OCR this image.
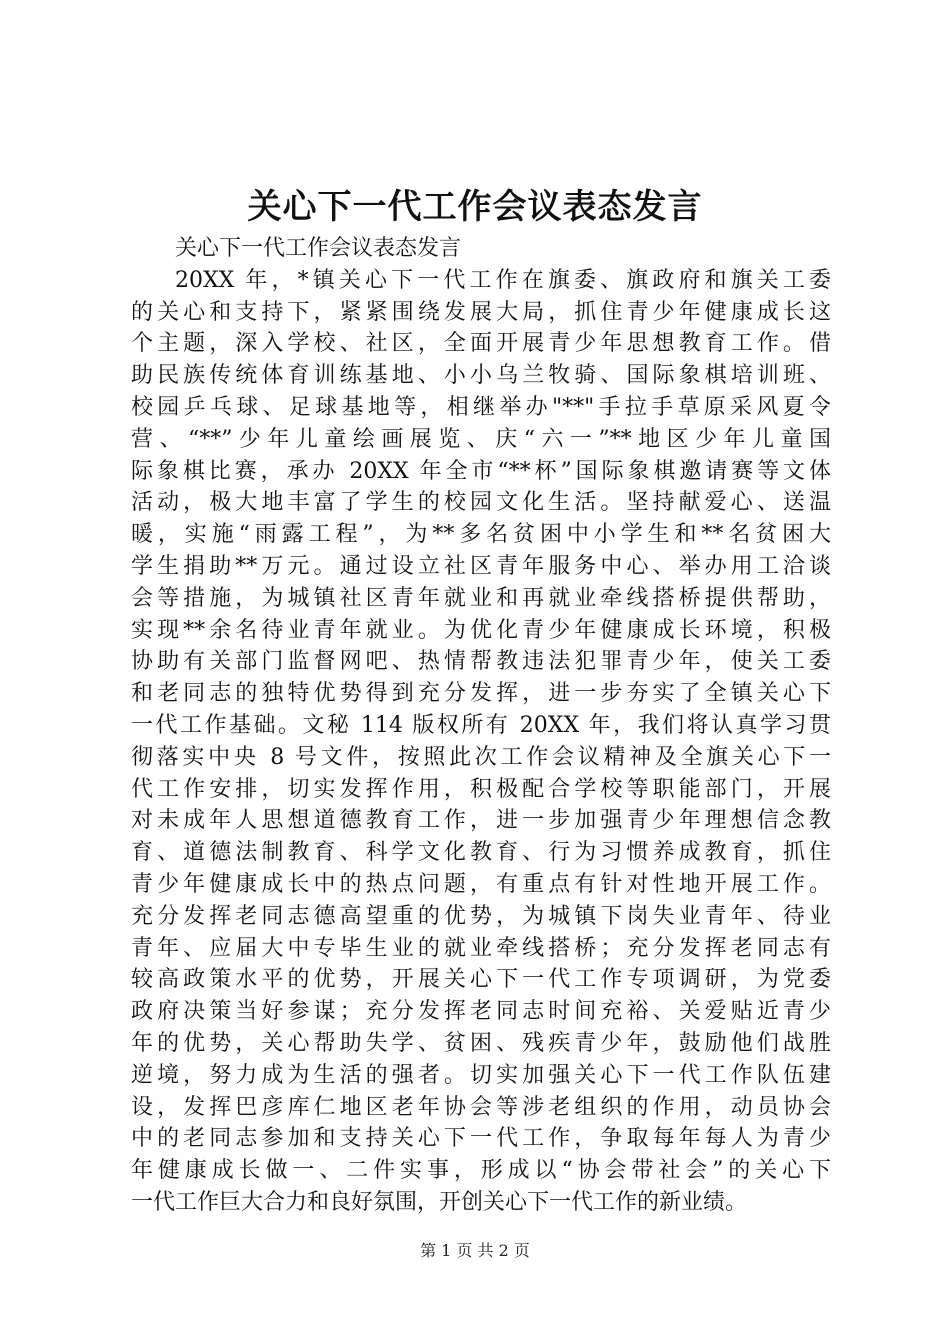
关心下一代工作会议表态发言
关心下一代工作会议表态发言
20XX 年，*镇关心下一代工作在旗委、旗政府和旗关工委
的关心和支持下，紧紧围绕发展大局，抓住青少年健康成长这
个主题，深入学校、社区，全面开展青少年思想教育工作。借
助民族传统体育训练基地、小小乌兰牧骑、国际象棋培训班、
校园乒乓球、足球基地等，相继举办"**"手拉手草原采风夏令
营、“**”少年儿童绘画展览、庆“六一”**地区少年儿童国
际象棋比赛，承办 20XX 年全市“**杯”国际象棋邀请赛等文体
活动，极大地丰富了学生的校园文化生活。坚持献爱心、送温
暖，实施“雨露工程”，为**多名贫困中小学生和**名贫困大
学生捐助**万元。通过设立社区青年服务中心、举办用工洽谈
会等措施，为城镇社区青年就业和再就业牵线搭桥提供帮助，
实现**余名待业青年就业。为优化青少年健康成长环境，积极
协助有关部门监督网吧、热情帮教违法犯罪青少年，使关工委
和老同志的独特优势得到充分发挥，进一步夯实了全镇关心下
一代工作基础。文秘 114 版权所有 20XX 年，我们将认真学习贯
彻落实中央 8 号文件，按照此次工作会议精神及全旗关心下一
代工作安排，切实发挥作用，积极配合学校等职能部门，开展
对未成年人思想道德教育工作，进一步加强青少年理想信念教
育、道德法制教育、科学文化教育、行为习惯养成教育，抓住
青少年健康成长中的热点问题，有重点有针对性地开展工作。
充分发挥老同志德高望重的优势，为城镇下岗失业青年、待业
青年、应届大中专毕生业的就业牵线搭桥；充分发挥老同志有
较高政策水平的优势，开展关心下一代工作专项调研，为党委
政府决策当好参谋；充分发挥老同志时间充裕、关爱贴近青少
年的优势，关心帮助失学、贫困、残疾青少年，鼓励他们战胜
逆境，努力成为生活的强者。切实加强关心下一代工作队伍建
设，发挥巴彦库仁地区老年协会等涉老组织的作用，动员协会
中的老同志参加和支持关心下一代工作，争取每年每人为青少
年健康成长做一、二件实事，形成以“协会带社会”的关心下
一代工作巨大合力和良好氛围，开创关心下一代工作的新业绩。
第 1 页 共 2 页
